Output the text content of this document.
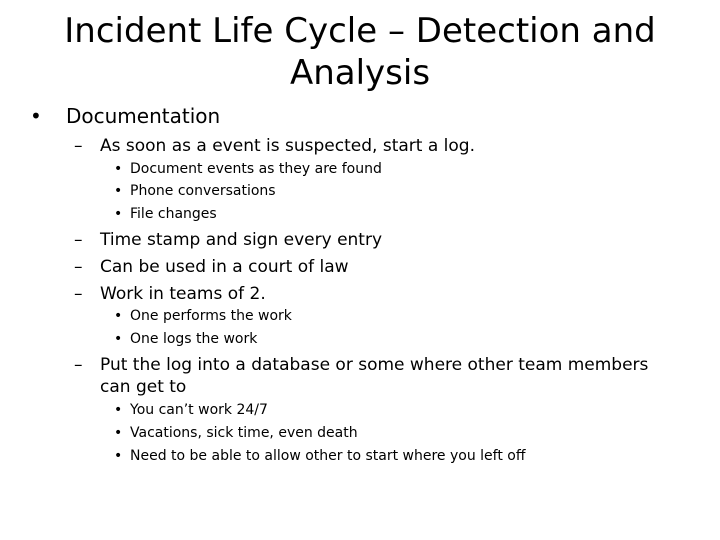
Incident Life Cycle – Detection and
Analysis
• Documentation
– As soon as a event is suspected, start a log.
• Document events as they are found
• Phone conversations
• File changes
– Time stamp and sign every entry
– Can be used in a court of law
– Work in teams of 2.
• One performs the work
• One logs the work
– Put the log into a database or some where other team members
can get to
• You can’t work 24/7
• Vacations, sick time, even death
• Need to be able to allow other to start where you left off
